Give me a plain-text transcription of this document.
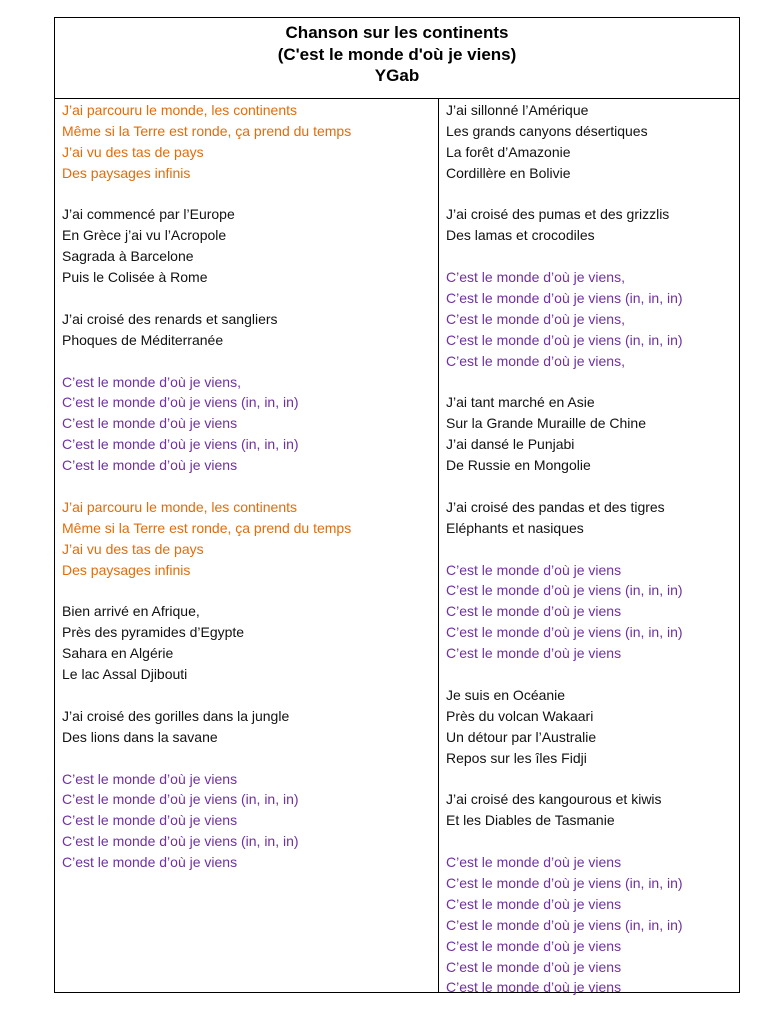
Chanson sur les continents
(C'est le monde d'où je viens)
YGab
J’ai parcouru le monde, les continents
Même si la Terre est ronde, ça prend du temps
J’ai vu des tas de pays
Des paysages infinis
J’ai commencé par l’Europe
En Grèce j’ai vu l’Acropole
Sagrada à Barcelone
Puis le Colisée à Rome
J’ai croisé des renards et sangliers
Phoques de Méditerranée
C’est le monde d’où je viens,
C’est le monde d’où je viens (in, in, in)
C’est le monde d’où je viens
C’est le monde d’où je viens (in, in, in)
C’est le monde d’où je viens
J’ai parcouru le monde, les continents
Même si la Terre est ronde, ça prend du temps
J’ai vu des tas de pays
Des paysages infinis
Bien arrivé en Afrique,
Près des pyramides d’Egypte
Sahara en Algérie
Le lac Assal Djibouti
J’ai croisé des gorilles dans la jungle
Des lions dans la savane
C’est le monde d’où je viens
C’est le monde d’où je viens (in, in, in)
C’est le monde d’où je viens
C’est le monde d’où je viens (in, in, in)
C’est le monde d’où je viens
J’ai sillonné l’Amérique
Les grands canyons désertiques
La forêt d’Amazonie
Cordillère en Bolivie
J’ai croisé des pumas et des grizzlis
Des lamas et crocodiles
C’est le monde d’où je viens,
C’est le monde d’où je viens (in, in, in)
C’est le monde d’où je viens,
C’est le monde d’où je viens (in, in, in)
C’est le monde d’où je viens,
J’ai tant marché en Asie
Sur la Grande Muraille de Chine
J’ai dansé le Punjabi
De Russie en Mongolie
J’ai croisé des pandas et des tigres
Eléphants et nasiques
C’est le monde d’où je viens
C’est le monde d’où je viens (in, in, in)
C’est le monde d’où je viens
C’est le monde d’où je viens (in, in, in)
C’est le monde d’où je viens
Je suis en Océanie
Près du volcan Wakaari
Un détour par l’Australie
Repos sur les îles Fidji
J’ai croisé des kangourous et kiwis
Et les Diables de Tasmanie
C’est le monde d’où je viens
C’est le monde d’où je viens (in, in, in)
C’est le monde d’où je viens
C’est le monde d’où je viens (in, in, in)
C’est le monde d’où je viens
C’est le monde d’où je viens
C’est le monde d’où je viens
